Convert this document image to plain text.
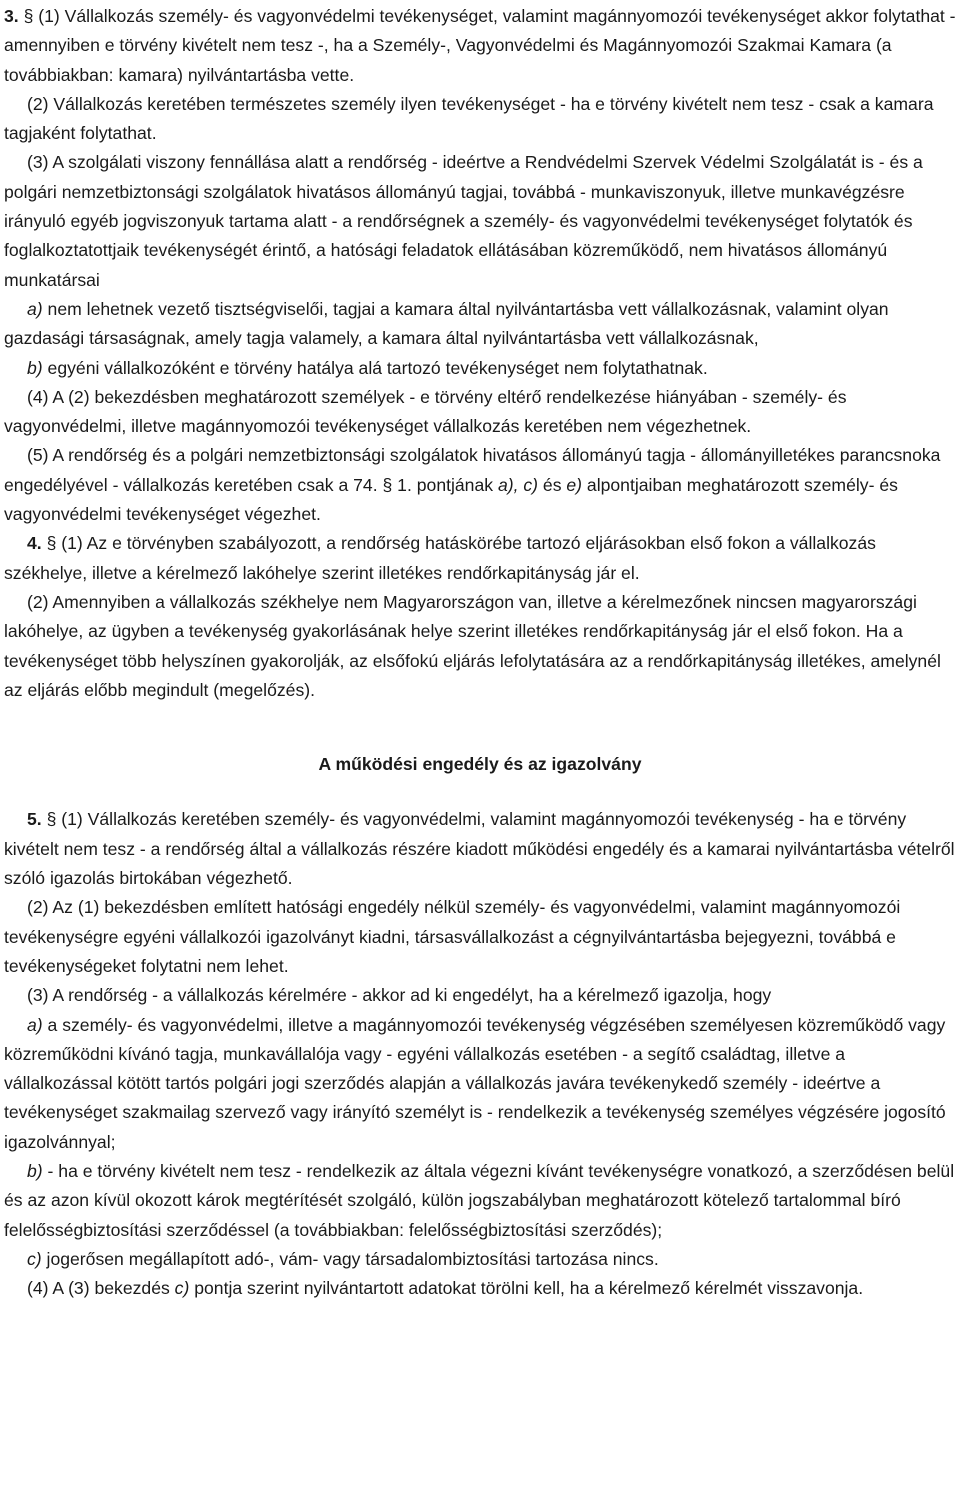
3. § (1) Vállalkozás személy- és vagyonvédelmi tevékenységet, valamint magánnyomozói tevékenységet akkor folytathat - amennyiben e törvény kivételt nem tesz -, ha a Személy-, Vagyonvédelmi és Magánnyomozói Szakmai Kamara (a továbbiakban: kamara) nyilvántartásba vette.

(2) Vállalkozás keretében természetes személy ilyen tevékenységet - ha e törvény kivételt nem tesz - csak a kamara tagjaként folytathat.

(3) A szolgálati viszony fennállása alatt a rendőrség - ideértve a Rendvédelmi Szervek Védelmi Szolgálatát is - és a polgári nemzetbiztonsági szolgálatok hivatásos állományú tagjai, továbbá - munkaviszonyuk, illetve munkavégzésre irányuló egyéb jogviszonyuk tartama alatt - a rendőrségnek a személy- és vagyonvédelmi tevékenységet folytatók és foglalkoztatottjaik tevékenységét érintő, a hatósági feladatok ellátásában közreműködő, nem hivatásos állományú munkatársai

a) nem lehetnek vezető tisztségviselői, tagjai a kamara által nyilvántartásba vett vállalkozásnak, valamint olyan gazdasági társaságnak, amely tagja valamely, a kamara által nyilvántartásba vett vállalkozásnak,

b) egyéni vállalkozóként e törvény hatálya alá tartozó tevékenységet nem folytathatnak.

(4) A (2) bekezdésben meghatározott személyek - e törvény eltérő rendelkezése hiányában - személy- és vagyonvédelmi, illetve magánnyomozói tevékenységet vállalkozás keretében nem végezhetnek.

(5) A rendőrség és a polgári nemzetbiztonsági szolgálatok hivatásos állományú tagja - állományilletékes parancsnoka engedélyével - vállalkozás keretében csak a 74. § 1. pontjának a), c) és e) alpontjaiban meghatározott személy- és vagyonvédelmi tevékenységet végezhet.

4. § (1) Az e törvényben szabályozott, a rendőrség hatáskörébe tartozó eljárásokban első fokon a vállalkozás székhelye, illetve a kérelmező lakóhelye szerint illetékes rendőrkapitányság jár el.

(2) Amennyiben a vállalkozás székhelye nem Magyarországon van, illetve a kérelmezőnek nincsen magyarországi lakóhelye, az ügyben a tevékenység gyakorlásának helye szerint illetékes rendőrkapitányság jár el első fokon. Ha a tevékenységet több helyszínen gyakorolják, az elsőfokú eljárás lefolytatására az a rendőrkapitányság illetékes, amelynél az eljárás előbb megindult (megelőzés).

A működési engedély és az igazolvány

5. § (1) Vállalkozás keretében személy- és vagyonvédelmi, valamint magánnyomozói tevékenység - ha e törvény kivételt nem tesz - a rendőrség által a vállalkozás részére kiadott működési engedély és a kamarai nyilvántartásba vételről szóló igazolás birtokában végezhető.

(2) Az (1) bekezdésben említett hatósági engedély nélkül személy- és vagyonvédelmi, valamint magánnyomozói tevékenységre egyéni vállalkozói igazolványt kiadni, társasvállalkozást a cégnyilvántartásba bejegyezni, továbbá e tevékenységeket folytatni nem lehet.

(3) A rendőrség - a vállalkozás kérelmére - akkor ad ki engedélyt, ha a kérelmező igazolja, hogy

a) a személy- és vagyonvédelmi, illetve a magánnyomozói tevékenység végzésében személyesen közreműködő vagy közreműködni kívánó tagja, munkavállalója vagy - egyéni vállalkozás esetében - a segítő családtag, illetve a vállalkozással kötött tartós polgári jogi szerződés alapján a vállalkozás javára tevékenykedő személy - ideértve a tevékenységet szakmailag szervező vagy irányító személyt is - rendelkezik a tevékenység személyes végzésére jogosító igazolvánnyal;

b) - ha e törvény kivételt nem tesz - rendelkezik az általa végezni kívánt tevékenységre vonatkozó, a szerződésen belül és az azon kívül okozott károk megtérítését szolgáló, külön jogszabályban meghatározott kötelező tartalommal bíró felelősségbiztosítási szerződéssel (a továbbiakban: felelősségbiztosítási szerződés);

c) jogerősen megállapított adó-, vám- vagy társadalombiztosítási tartozása nincs.

(4) A (3) bekezdés c) pontja szerint nyilvántartott adatokat törölni kell, ha a kérelmező kérelmét visszavonja.
